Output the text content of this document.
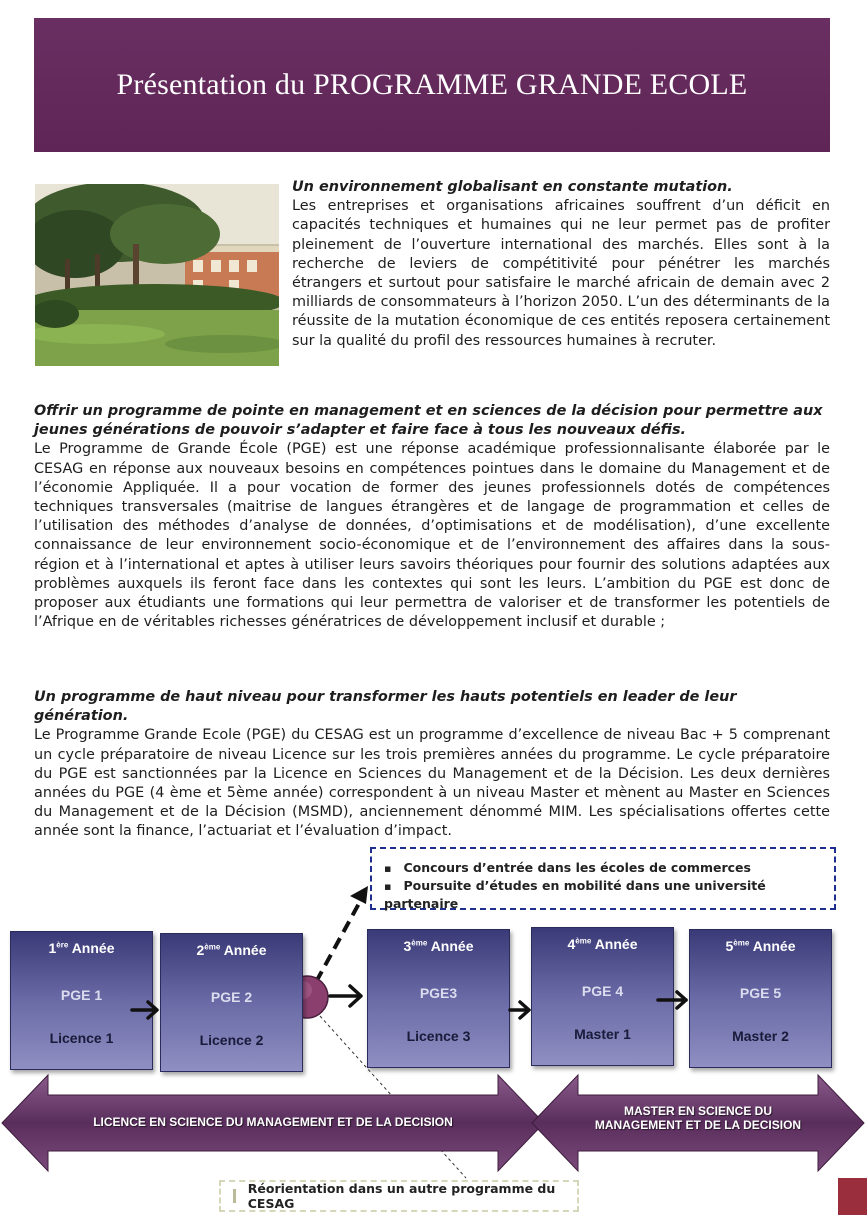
Présentation du PROGRAMME GRANDE ECOLE
Un environnement globalisant en constante mutation.

Les entreprises et organisations africaines souffrent d’un déficit en capacités techniques et humaines qui ne leur permet pas de profiter pleinement de l’ouverture international des marchés. Elles sont à la recherche de leviers de compétitivité pour pénétrer les marchés étrangers et surtout pour satisfaire le marché africain de demain avec 2 milliards de consommateurs à l’horizon 2050. L’un des déterminants de la réussite de la mutation économique de ces entités reposera certainement sur la qualité du profil des ressources humaines à recruter.

Offrir un programme de pointe en management et en sciences de la décision pour permettre aux jeunes générations de pouvoir s’adapter et faire face à tous les nouveaux défis.

Le Programme de Grande École (PGE) est une réponse académique professionnalisante élaborée par le CESAG en réponse aux nouveaux besoins en compétences pointues dans le domaine du Management et de l’économie Appliquée. Il a pour vocation de former des jeunes professionnels dotés de compétences techniques transversales (maitrise de langues étrangères et de langage de programmation et celles de l’utilisation des méthodes d’analyse de données, d’optimisations et de modélisation), d’une excellente connaissance de leur environnement socio-économique et de l’environnement des affaires dans la sous-région et à l’international et aptes à utiliser leurs savoirs théoriques pour fournir des solutions adaptées aux problèmes auxquels ils feront face dans les contextes qui sont les leurs. L’ambition du PGE est donc de proposer aux étudiants une formations qui leur permettra de valoriser et de transformer les potentiels de l’Afrique en de véritables richesses génératrices de développement inclusif et durable ;

Un programme de haut niveau pour transformer les hauts potentiels en leader de leur génération.

Le Programme Grande Ecole (PGE) du CESAG est un programme d’excellence de niveau Bac + 5 comprenant un cycle préparatoire de niveau Licence sur les trois premières années du programme. Le cycle préparatoire du PGE est sanctionnées par la Licence en Sciences du Management et de la Décision. Les deux dernières années du PGE (4 ème et 5ème année) correspondent à un niveau Master et mènent au Master en Sciences du Management et de la Décision (MSMD), anciennement dénommé MIM. Les spécialisations offertes cette année sont la finance, l’actuariat et l’évaluation d’impact.

▪ Concours d’entrée dans les écoles de commerces
▪ Poursuite d’études en mobilité dans une université partenaire
1ère Année
PGE 1
Licence 1
2ème Année
PGE 2
Licence 2
3ème Année
PGE3
Licence 3
4ème Année
PGE 4
Master 1
5ème Année
PGE 5
Master 2
LICENCE EN SCIENCE DU MANAGEMENT ET DE LA DECISION
MASTER EN SCIENCE DU
MANAGEMENT ET DE LA DECISION
Réorientation dans un autre programme du CESAG
